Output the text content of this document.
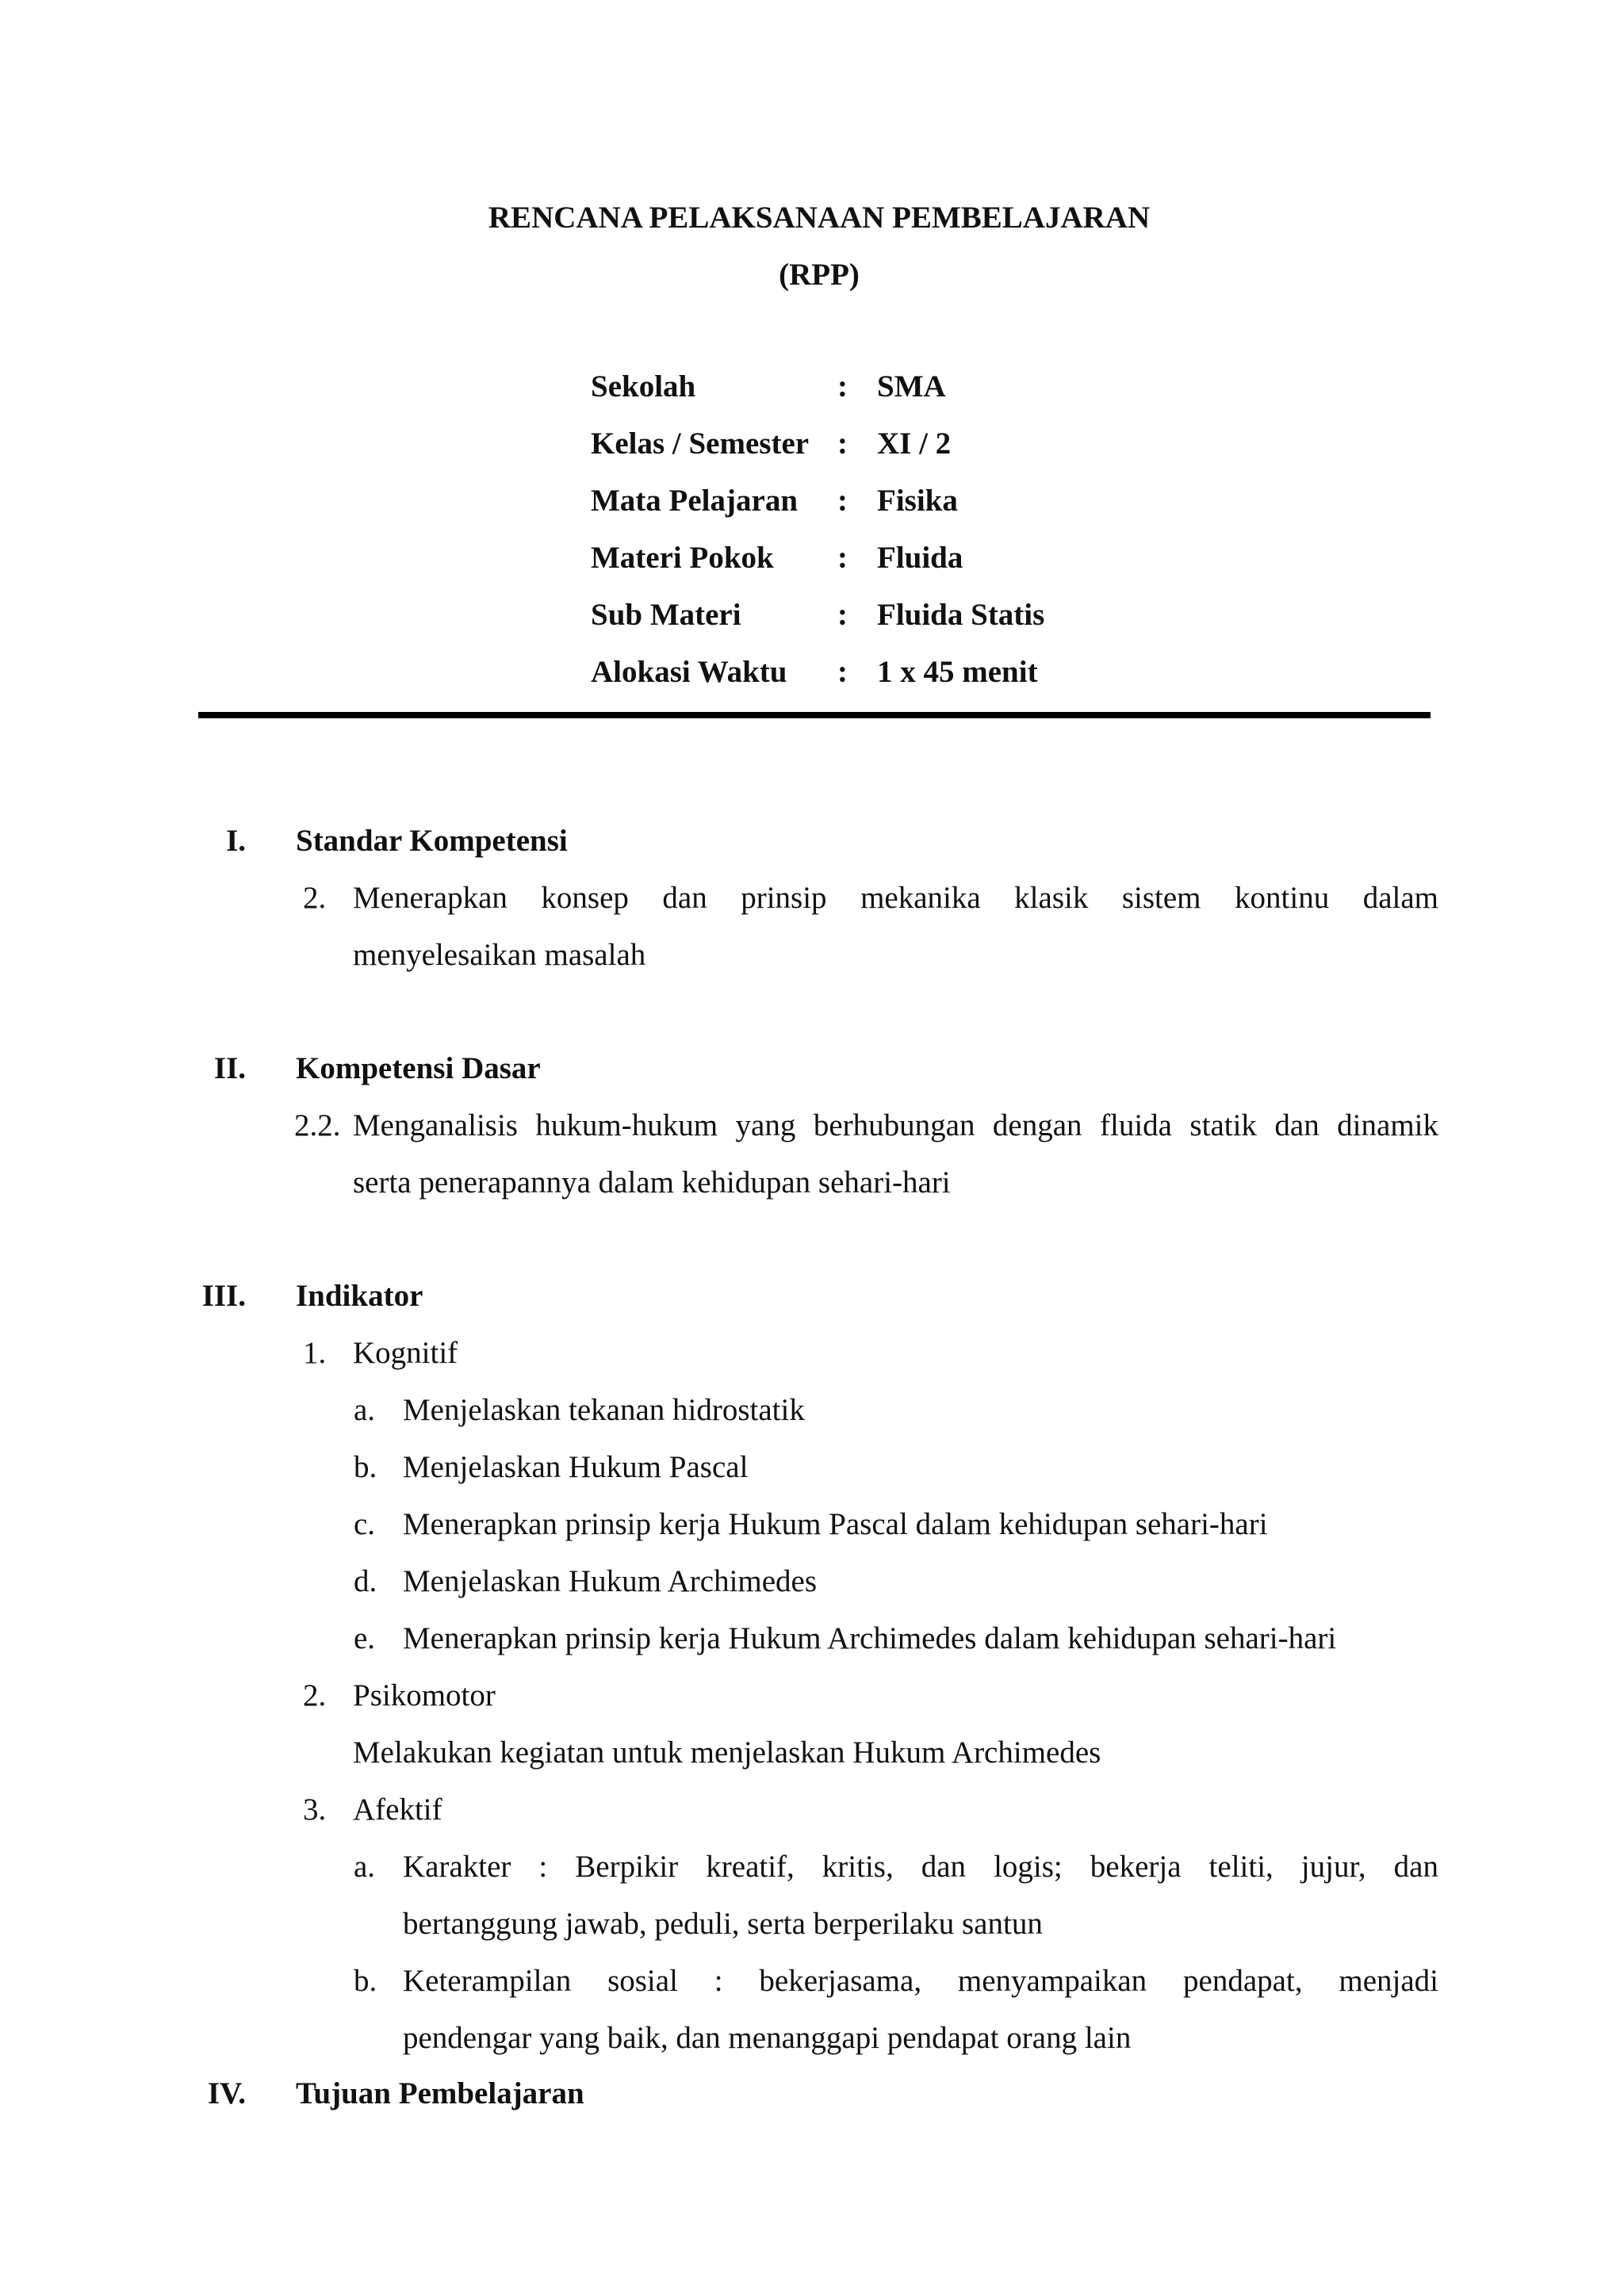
RENCANA PELAKSANAAN PEMBELAJARAN
(RPP)
Sekolah	: SMA
Kelas / Semester : XI / 2
Mata Pelajaran : Fisika
Materi Pokok : Fluida
Sub Materi	: Fluida Statis
Alokasi Waktu : 1 x 45 menit
I. Standar Kompetensi
2. Menerapkan konsep dan prinsip mekanika klasik sistem kontinu dalam
menyelesaikan masalah
II. Kompetensi Dasar
2.2. Menganalisis hukum-hukum yang berhubungan dengan fluida statik dan dinamik
serta penerapannya dalam kehidupan sehari-hari
III. Indikator
1. Kognitif
a. Menjelaskan tekanan hidrostatik
b. Menjelaskan Hukum Pascal
c. Menerapkan prinsip kerja Hukum Pascal dalam kehidupan sehari-hari
d. Menjelaskan Hukum Archimedes
e. Menerapkan prinsip kerja Hukum Archimedes dalam kehidupan sehari-hari
2. Psikomotor
Melakukan kegiatan untuk menjelaskan Hukum Archimedes
3. Afektif
a. Karakter : Berpikir kreatif, kritis, dan logis; bekerja teliti, jujur, dan
bertanggung jawab, peduli, serta berperilaku santun
b. Keterampilan sosial : bekerjasama, menyampaikan pendapat, menjadi
pendengar yang baik, dan menanggapi pendapat orang lain
IV. Tujuan Pembelajaran
